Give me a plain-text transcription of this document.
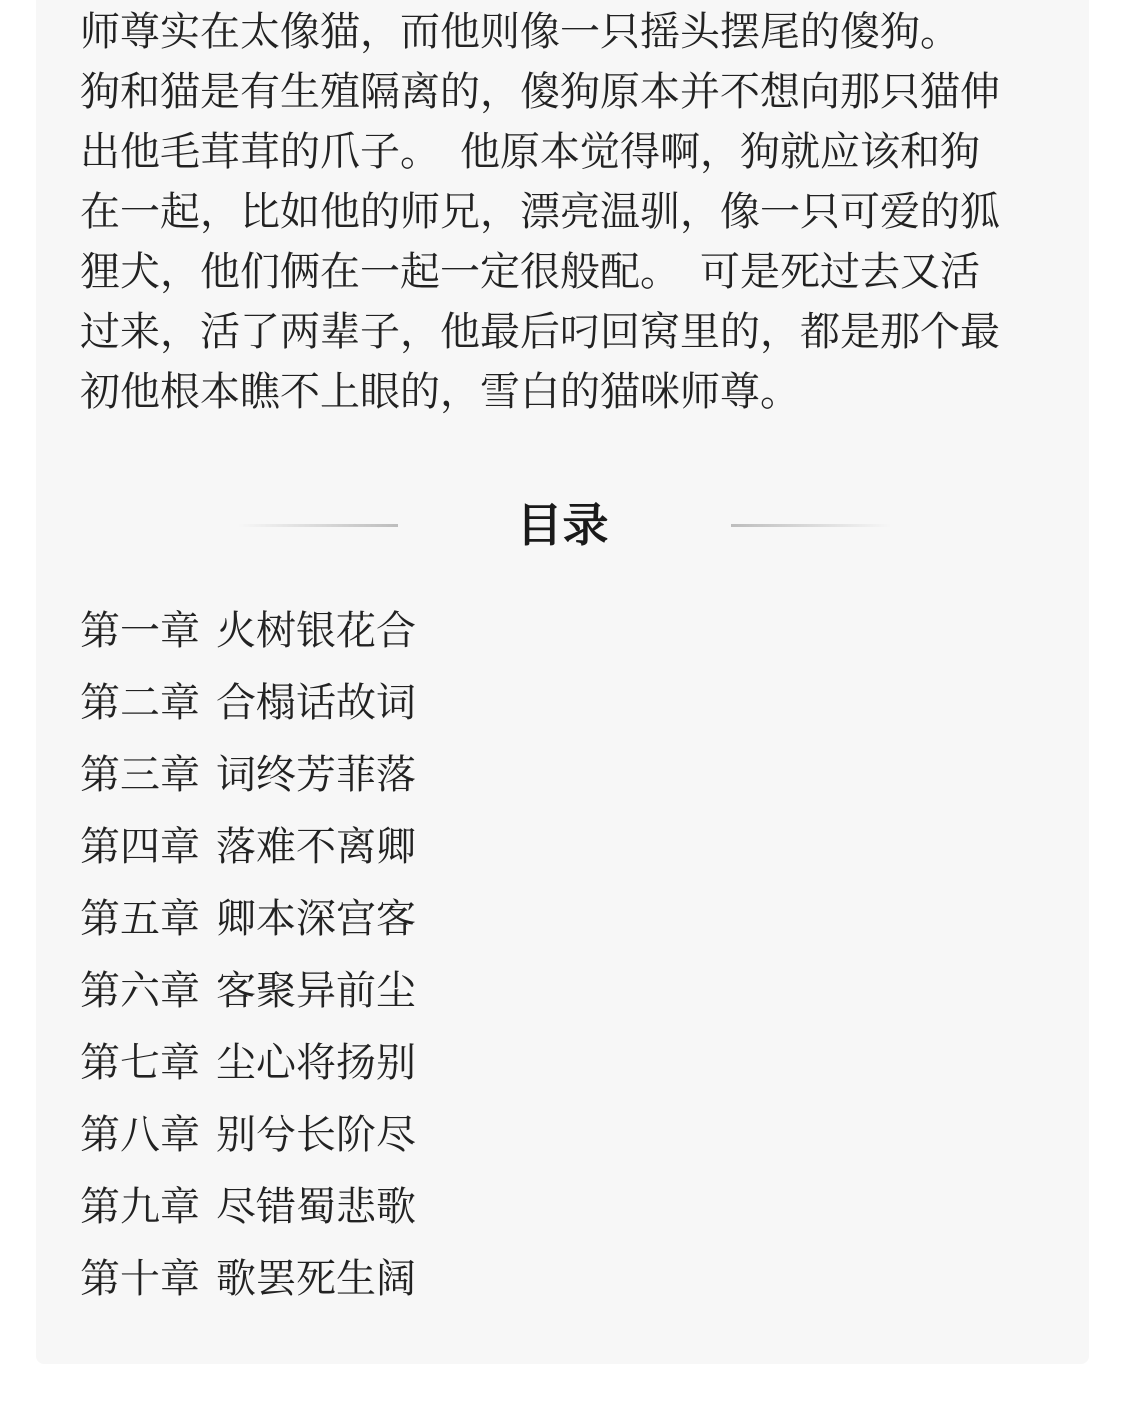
师尊实在太像猫，而他则像一只摇头摆尾的傻狗。
狗和猫是有生殖隔离的，傻狗原本并不想向那只猫伸
出他毛茸茸的爪子。　他原本觉得啊，狗就应该和狗
在一起，比如他的师兄，漂亮温驯，像一只可爱的狐
狸犬，他们俩在一起一定很般配。　可是死过去又活
过来，活了两辈子，他最后叼回窝里的，都是那个最
初他根本瞧不上眼的，雪白的猫咪师尊。
目录
第一章 火树银花合
第二章 合榻话故词
第三章 词终芳菲落
第四章 落难不离卿
第五章 卿本深宫客
第六章 客聚异前尘
第七章 尘心将扬别
第八章 别兮长阶尽
第九章 尽错蜀悲歌
第十章 歌罢死生阔
